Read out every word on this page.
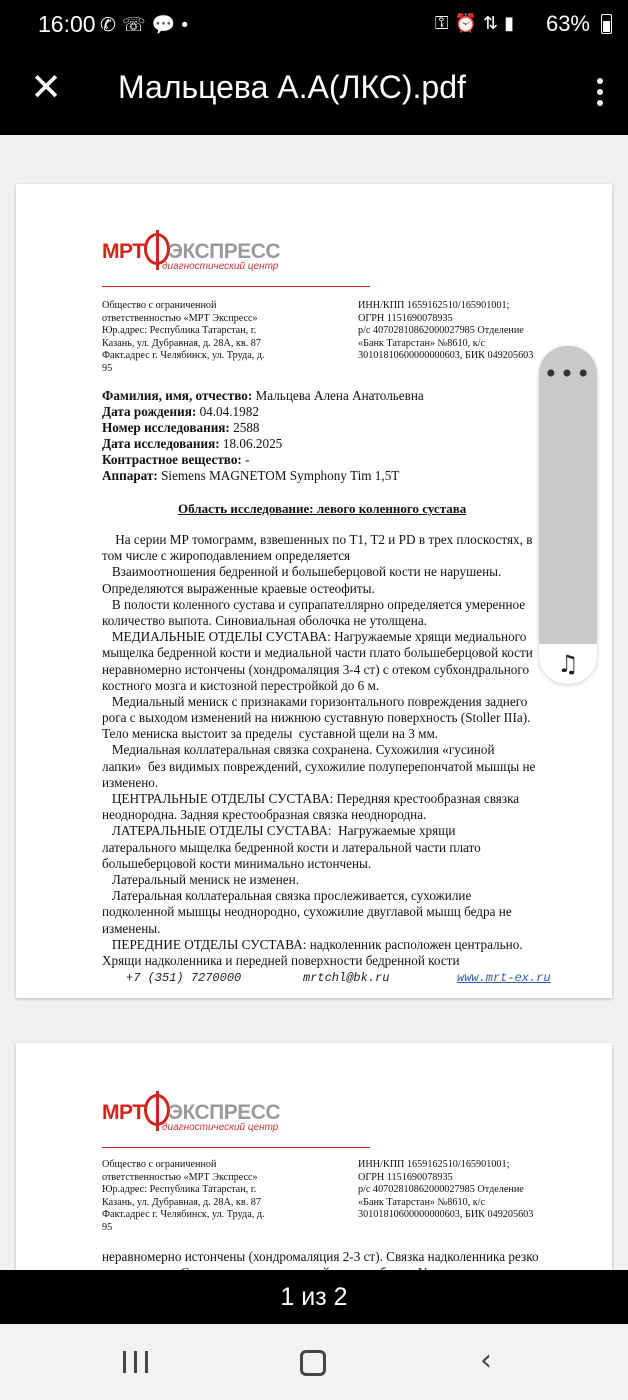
16:00 ✆☏💬•	⚿⏰⇅▮ 63%
✕ Мальцева А.А(ЛКС).pdf
МРТ ЭКСПРЕСС
диагностический центр
Общество с ограниченной
ответственностью «МРТ Экспресс»
Юр.адрес: Республика Татарстан, г.
Казань, ул. Дубравная, д. 28А, кв. 87
Факт.адрес г. Челябинск, ул. Труда, д.
95
ИНН/КПП 1659162510/165901001;
ОГРН 1151690078935
р/с 40702810862000027985 Отделение
«Банк Татарстан» №8610, к/с
30101810600000000603, БИК 049205603
Фамилия, имя, отчество: Мальцева Алена Анатольевна
Дата рождения: 04.04.1982
Номер исследования: 2588
Дата исследования: 18.06.2025
Контрастное вещество: -
Аппарат: Siemens MAGNETOM Symphony Tim 1,5T
Область исследование: левого коленного сустава
На серии МР томограмм, взвешенных по T1, T2 и PD в трех плоскостях, в
том числе с жироподавлением определяется
Взаимоотношения бедренной и большеберцовой кости не нарушены.
Определяются выраженные краевые остеофиты.
В полости коленного сустава и супрапателлярно определяется умеренное
количество выпота. Синовиальная оболочка не утолщена.
МЕДИАЛЬНЫЕ ОТДЕЛЫ СУСТАВА: Нагружаемые хрящи медиального
мыщелка бедренной кости и медиальной части плато большеберцовой кости
неравномерно истончены (хондромаляция 3-4 ст) с отеком субхондрального
костного мозга и кистозной перестройкой до 6 м.
Медиальный мениск с признаками горизонтального повреждения заднего
рога с выходом изменений на нижнюю суставную поверхность (Stoller IIIa).
Тело мениска выстоит за пределы  суставной щели на 3 мм.
Медиальная коллатеральная связка сохранена. Сухожилия «гусиной
лапки»  без видимых повреждений, сухожилие полуперепончатой мышцы не
изменено.
ЦЕНТРАЛЬНЫЕ ОТДЕЛЫ СУСТАВА: Передняя крестообразная связка
неоднородна. Задняя крестообразная связка неоднородна.
ЛАТЕРАЛЬНЫЕ ОТДЕЛЫ СУСТАВА:  Нагружаемые хрящи
латерального мыщелка бедренной кости и латеральной части плато
большеберцовой кости минимально истончены.
Латеральный мениск не изменен.
Латеральная коллатеральная связка прослеживается, сухожилие
подколенной мышцы неоднородно, сухожилие двуглавой мышц бедра не
изменены.
ПЕРЕДНИЕ ОТДЕЛЫ СУСТАВА: надколенник расположен центрально.
Хрящи надколенника и передней поверхности бедренной кости
+7 (351) 7270000	mrtchl@bk.ru	www.mrt-ex.ru
МРТ ЭКСПРЕСС
диагностический центр
Общество с ограниченной
ответственностью «МРТ Экспресс»
Юр.адрес: Республика Татарстан, г.
Казань, ул. Дубравная, д. 28А, кв. 87
Факт.адрес г. Челябинск, ул. Труда, д.
95
ИНН/КПП 1659162510/165901001;
ОГРН 1151690078935
р/с 40702810862000027985 Отделение
«Банк Татарстан» №8610, к/с
30101810600000000603, БИК 049205603
неравномерно истончены (хондромаляция 2-3 ст). Связка надколенника резко
•••
♫
1 из 2
‹
